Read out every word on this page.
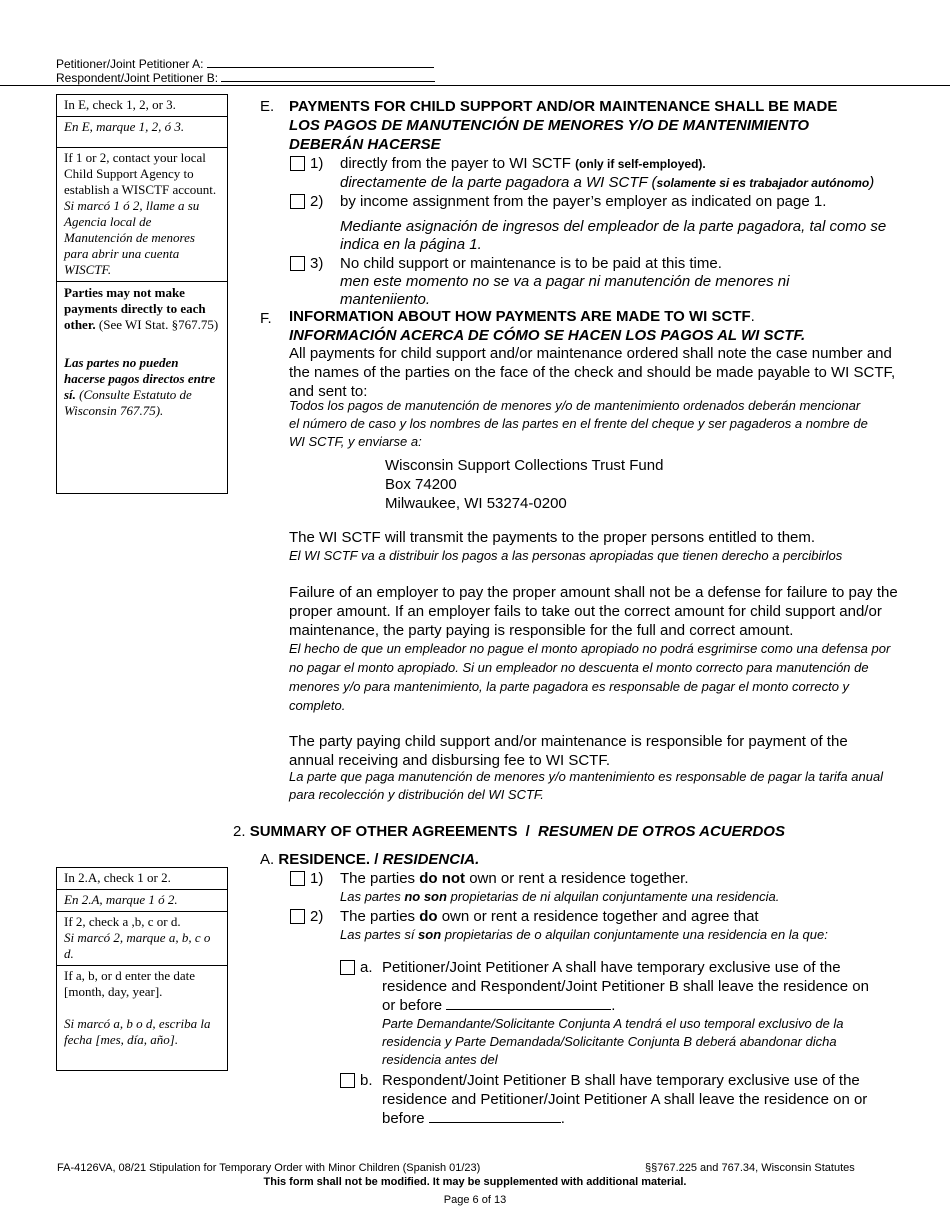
Petitioner/Joint Petitioner A:
Respondent/Joint Petitioner B:
In E, check 1, 2, or 3.
En E, marque 1, 2, ó 3.
If 1 or 2, contact your local Child Support Agency to establish a WISCTF account.
Si marcó 1 ó 2, llame a su Agencia local de Manutención de menores para abrir una cuenta WISCTF.
Parties may not make payments directly to each other. (See WI Stat. §767.75)
Las partes no pueden hacerse pagos directos entre sí. (Consulte Estatuto de Wisconsin 767.75).
In 2.A, check 1 or 2.
En 2.A, marque 1 ó 2.
If 2, check a ,b, c or d.
Si marcó 2, marque a, b, c o d.
If a, b, or d enter the date [month, day, year].
Si marcó a, b o d, escriba la fecha [mes, día, año].
E. PAYMENTS FOR CHILD SUPPORT AND/OR MAINTENANCE SHALL BE MADE
LOS PAGOS DE MANUTENCIÓN DE MENORES Y/O DE MANTENIMIENTO
DEBERÁN HACERSE
1) directly from the payer to WI SCTF (only if self-employed).
directamente de la parte pagadora a WI SCTF (solamente si es trabajador autónomo)
2) by income assignment from the payer’s employer as indicated on page 1.
Mediante asignación de ingresos del empleador de la parte pagadora, tal como se
indica en la página 1.
3) No child support or maintenance is to be paid at this time.
men este momento no se va a pagar ni manutención de menores ni
manteniiento.
F. INFORMATION ABOUT HOW PAYMENTS ARE MADE TO WI SCTF.
INFORMACIÓN ACERCA DE CÓMO SE HACEN LOS PAGOS AL WI SCTF.
All payments for child support and/or maintenance ordered shall note the case number and the names of the parties on the face of the check and should be made payable to WI SCTF, and sent to:
Todos los pagos de manutención de menores y/o de mantenimiento ordenados deberán mencionar el número de caso y los nombres de las partes en el frente del cheque y ser pagaderos a nombre de WI SCTF, y enviarse a:
Wisconsin Support Collections Trust Fund
Box 74200
Milwaukee, WI 53274-0200
The WI SCTF will transmit the payments to the proper persons entitled to them.
El WI SCTF va a distribuir los pagos a las personas apropiadas que tienen derecho a percibirlos
Failure of an employer to pay the proper amount shall not be a defense for failure to pay the proper amount. If an employer fails to take out the correct amount for child support and/or maintenance, the party paying is responsible for the full and correct amount.
El hecho de que un empleador no pague el monto apropiado no podrá esgrimirse como una defensa por no pagar el monto apropiado. Si un empleador no descuenta el monto correcto para manutención de menores y/o para mantenimiento, la parte pagadora es responsable de pagar el monto correcto y completo.
The party paying child support and/or maintenance is responsible for payment of the annual receiving and disbursing fee to WI SCTF.
La parte que paga manutención de menores y/o mantenimiento es responsable de pagar la tarifa anual para recolección y distribución del WI SCTF.
2. SUMMARY OF OTHER AGREEMENTS / RESUMEN DE OTROS ACUERDOS
A. RESIDENCE. / RESIDENCIA.
1) The parties do not own or rent a residence together.
Las partes no son propietarias de ni alquilan conjuntamente una residencia.
2) The parties do own or rent a residence together and agree that
Las partes sí son propietarias de o alquilan conjuntamente una residencia en la que:
a. Petitioner/Joint Petitioner A shall have temporary exclusive use of the
residence and Respondent/Joint Petitioner B shall leave the residence on
or before	.
Parte Demandante/Solicitante Conjunta A tendrá el uso temporal exclusivo de la residencia y Parte Demandada/Solicitante Conjunta B deberá abandonar dicha residencia antes del
b. Respondent/Joint Petitioner B shall have temporary exclusive use of the
residence and Petitioner/Joint Petitioner A shall leave the residence on or
before	.
FA-4126VA, 08/21 Stipulation for Temporary Order with Minor Children (Spanish 01/23)	§§767.225 and 767.34, Wisconsin Statutes
This form shall not be modified. It may be supplemented with additional material.
Page 6 of 13
